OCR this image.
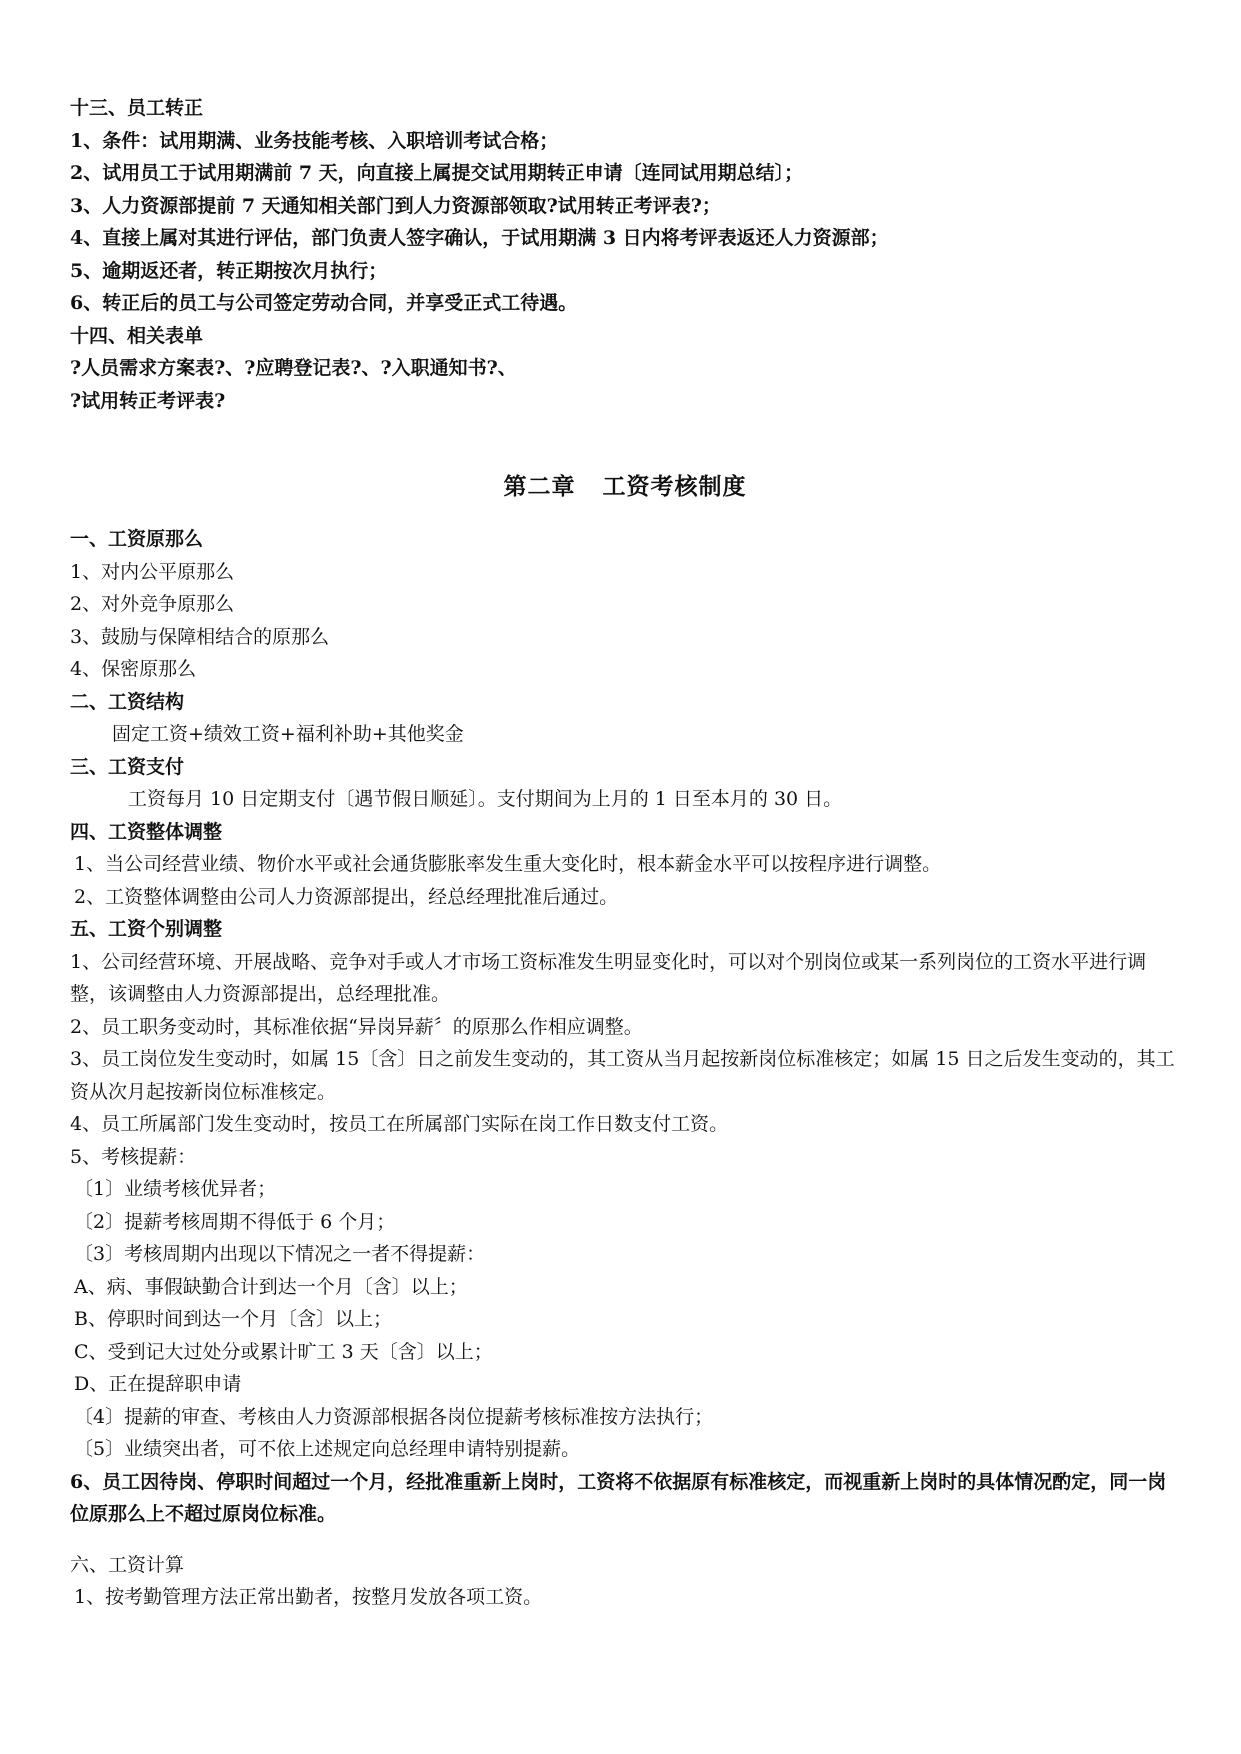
十三、员工转正
1、条件：试用期满、业务技能考核、入职培训考试合格；
2、试用员工于试用期满前 7 天，向直接上属提交试用期转正申请〔连同试用期总结〕；
3、人力资源部提前 7 天通知相关部门到人力资源部领取?试用转正考评表?；
4、直接上属对其进行评估，部门负责人签字确认，于试用期满 3 日内将考评表返还人力资源部；
5、逾期返还者，转正期按次月执行；
6、转正后的员工与公司签定劳动合同，并享受正式工待遇。
十四、相关表单
?人员需求方案表?、?应聘登记表?、?入职通知书?、
?试用转正考评表?
第二章   工资考核制度
一、工资原那么
1、对内公平原那么
2、对外竞争原那么
3、鼓励与保障相结合的原那么
4、保密原那么
二、工资结构
固定工资+绩效工资+福利补助+其他奖金
三、工资支付
工资每月 10 日定期支付〔遇节假日顺延〕。支付期间为上月的 1 日至本月的 30 日。
四、工资整体调整
1、当公司经营业绩、物价水平或社会通货膨胀率发生重大变化时，根本薪金水平可以按程序进行调整。
2、工资整体调整由公司人力资源部提出，经总经理批准后通过。
五、工资个别调整
1、公司经营环境、开展战略、竞争对手或人才市场工资标准发生明显变化时，可以对个别岗位或某一系列岗位的工资水平进行调整，该调整由人力资源部提出，总经理批准。
2、员工职务变动时，其标准依据“异岗异薪〞的原那么作相应调整。
3、员工岗位发生变动时，如属 15〔含〕日之前发生变动的，其工资从当月起按新岗位标准核定；如属 15 日之后发生变动的，其工资从次月起按新岗位标准核定。
4、员工所属部门发生变动时，按员工在所属部门实际在岗工作日数支付工资。
5、考核提薪：
〔1〕业绩考核优异者；
〔2〕提薪考核周期不得低于 6 个月；
〔3〕考核周期内出现以下情况之一者不得提薪：
A、病、事假缺勤合计到达一个月〔含〕以上；
B、停职时间到达一个月〔含〕以上；
C、受到记大过处分或累计旷工 3 天〔含〕以上；
D、正在提辞职申请
〔4〕提薪的审查、考核由人力资源部根据各岗位提薪考核标准按方法执行；
〔5〕业绩突出者，可不依上述规定向总经理申请特别提薪。
6、员工因待岗、停职时间超过一个月，经批准重新上岗时，工资将不依据原有标准核定，而视重新上岗时的具体情况酌定，同一岗位原那么上不超过原岗位标准。
六、工资计算
1、按考勤管理方法正常出勤者，按整月发放各项工资。
